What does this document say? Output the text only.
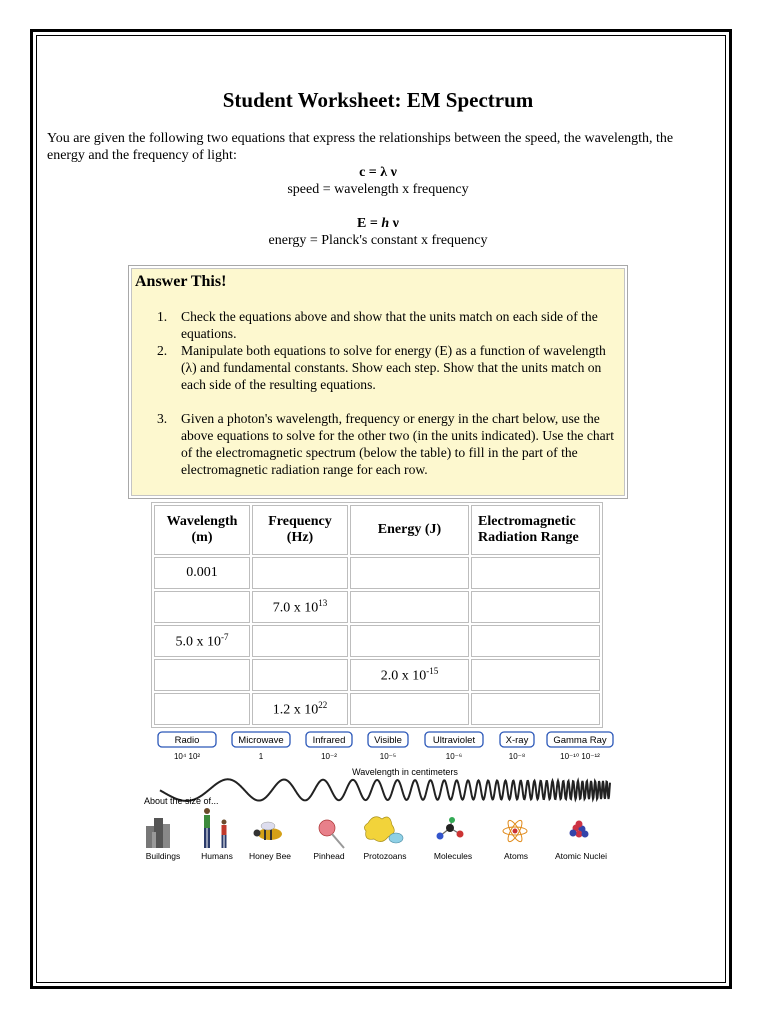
Student Worksheet: EM Spectrum
You are given the following two equations that express the relationships between the speed, the wavelength, the energy and the frequency of light:
c = λ ν
speed = wavelength x frequency
E = h ν
energy = Planck's constant x frequency
Answer This!
1. Check the equations above and show that the units match on each side of the equations.
2. Manipulate both equations to solve for energy (E) as a function of wavelength (λ) and fundamental constants. Show each step. Show that the units match on each side of the resulting equations.
3. Given a photon's wavelength, frequency or energy in the chart below, use the above equations to solve for the other two (in the units indicated). Use the chart of the electromagnetic spectrum (below the table) to fill in the part of the electromagnetic radiation range for each row.
Wavelength
(m)	Frequency
(Hz)	Energy (J)	Electromagnetic
Radiation Range
0.001			
	7.0 x $10^{13}$		
5.0 x $10^{-7}$			
		2.0 x $10^{-15}$	
	1.2 x $10^{22}$		
Radio
10⁴ 10²
Microwave
1
Infrared
10⁻²
Visible
10⁻⁵
Ultraviolet
10⁻⁶
X-ray
10⁻⁸
Gamma Ray
10⁻¹⁰ 10⁻¹²
Wavelength in centimeters
About the size of...
Buildings Humans Honey Bee	Pinhead Protozoans	Molecules	Atoms	Atomic Nuclei
